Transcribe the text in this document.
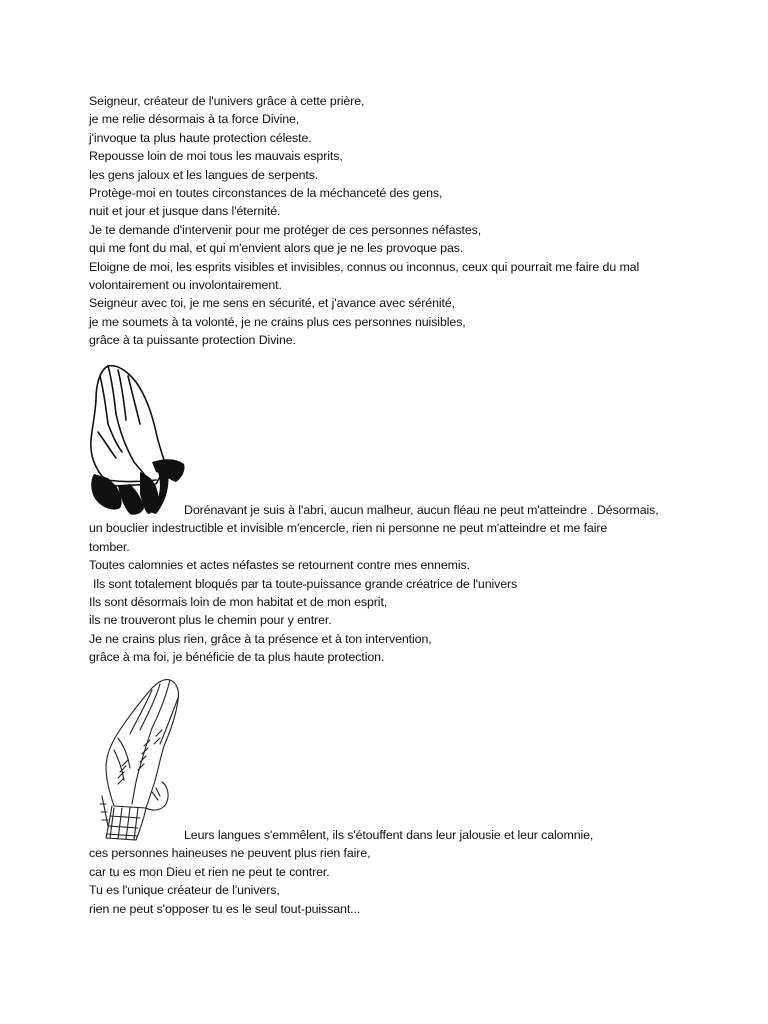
Seigneur, créateur de l'univers grâce à cette prière,
je me relie désormais à ta force Divine,
j'invoque ta plus haute protection céleste.
Repousse loin de moi tous les mauvais esprits,
les gens jaloux et les langues de serpents.
Protège-moi en toutes circonstances de la méchanceté des gens,
nuit et jour et jusque dans l'éternité.
Je te demande d'intervenir pour me protéger de ces personnes néfastes,
qui me font du mal, et qui m'envient alors que je ne les provoque pas.
Eloigne de moi, les esprits visibles et invisibles, connus ou inconnus, ceux qui pourrait me faire du mal
volontairement ou involontairement.
Seigneur avec toi, je me sens en sécurité, et j'avance avec sérénité,
je me soumets à ta volonté, je ne crains plus ces personnes nuisibles,
grâce à ta puissante protection Divine.
Dorénavant je suis à l'abri, aucun malheur, aucun fléau ne peut m'atteindre . Désormais,
un bouclier indestructible et invisible m'encercle, rien ni personne ne peut m'atteindre et me faire
tomber.
Toutes calomnies et actes néfastes se retournent contre mes ennemis.
Ils sont totalement bloqués par ta toute-puissance grande créatrice de l'univers
Ils sont désormais loin de mon habitat et de mon esprit,
ils ne trouveront plus le chemin pour y entrer.
Je ne crains plus rien, grâce à ta présence et à ton intervention,
grâce à ma foi, je bénéficie de ta plus haute protection.
Leurs langues s'emmêlent, ils s'étouffent dans leur jalousie et leur calomnie,
ces personnes haineuses ne peuvent plus rien faire,
car tu es mon Dieu et rien ne peut te contrer.
Tu es l'unique créateur de l'univers,
rien ne peut s'opposer tu es le seul tout-puissant...
